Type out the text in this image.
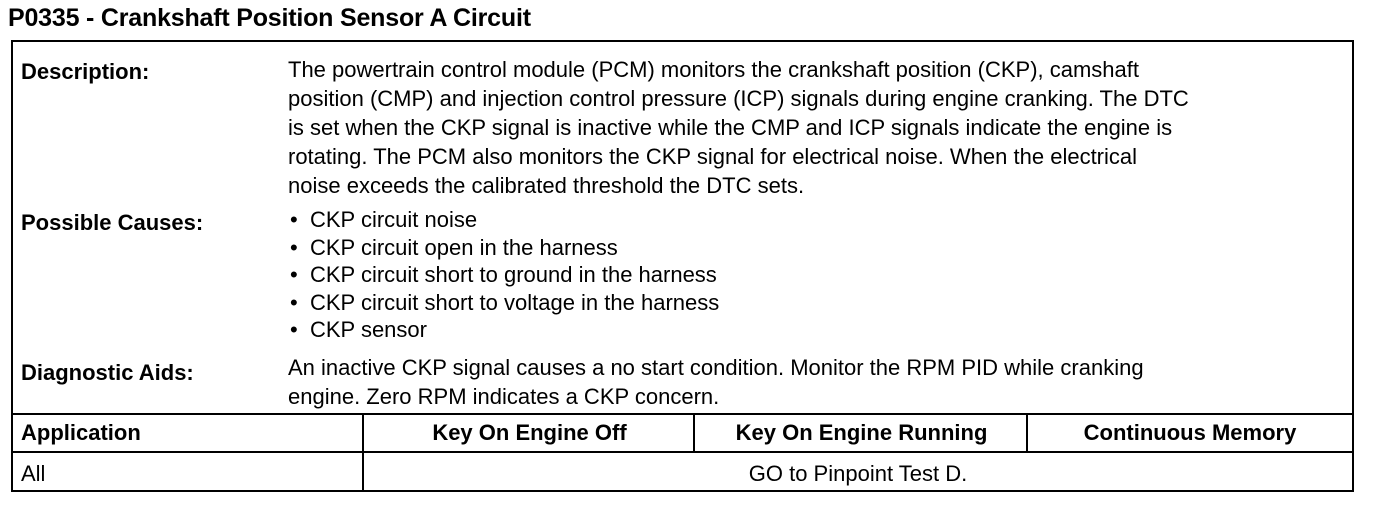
P0335 - Crankshaft Position Sensor A Circuit
Description:	The powertrain control module (PCM) monitors the crankshaft position (CKP), camshaft
position (CMP) and injection control pressure (ICP) signals during engine cranking. The DTC
is set when the CKP signal is inactive while the CMP and ICP signals indicate the engine is
rotating. The PCM also monitors the CKP signal for electrical noise. When the electrical
noise exceeds the calibrated threshold the DTC sets.
Possible Causes:
•	CKP circuit noise
• CKP circuit open in the harness
• CKP circuit short to ground in the harness
• CKP circuit short to voltage in the harness
• CKP sensor
Diagnostic Aids:	An inactive CKP signal causes a no start condition. Monitor the RPM PID while cranking
engine. Zero RPM indicates a CKP concern.
Application	Key On Engine Off	Key On Engine Running	Continuous Memory
All	GO to Pinpoint Test D.
